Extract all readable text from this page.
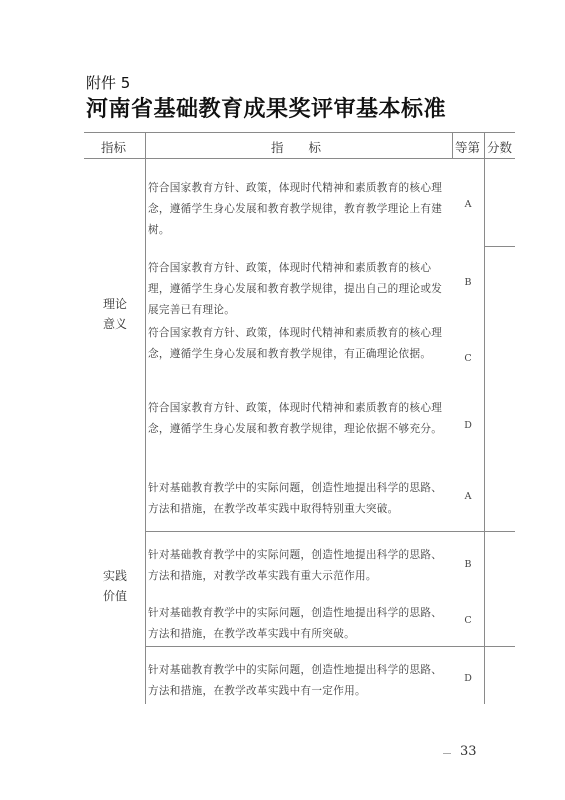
附件 5
河南省基础教育成果奖评审基本标准
指标	指　　标	等第 分数
理论
意义
实践
价值
符合国家教育方针、政策，体现时代精神和素质教育的核心理 念，遵循学生身心发展和教育教学规律，教育教学理论上有建树。
符合国家教育方针、政策，体现时代精神和素质教育的核心理，遵循学生身心发展和教育教学规律，提出自己的理论或发展完善已有理论。
符合国家教育方针、政策，体现时代精神和素质教育的核心理念，遵循学生身心发展和教育教学规律，有正确理论依据。
符合国家教育方针、政策，体现时代精神和素质教育的核心理念，遵循学生身心发展和教育教学规律，理论依据不够充分。
针对基础教育教学中的实际问题，创造性地提出科学的思路、方法和措施，在教学改革实践中取得特别重大突破。
针对基础教育教学中的实际问题，创造性地提出科学的思路、方法和措施，对教学改革实践有重大示范作用。
针对基础教育教学中的实际问题，创造性地提出科学的思路、方法和措施，在教学改革实践中有所突破。
针对基础教育教学中的实际问题，创造性地提出科学的思路、方法和措施，在教学改革实践中有一定作用。
A
B
C
D
A
B
C
D
33
